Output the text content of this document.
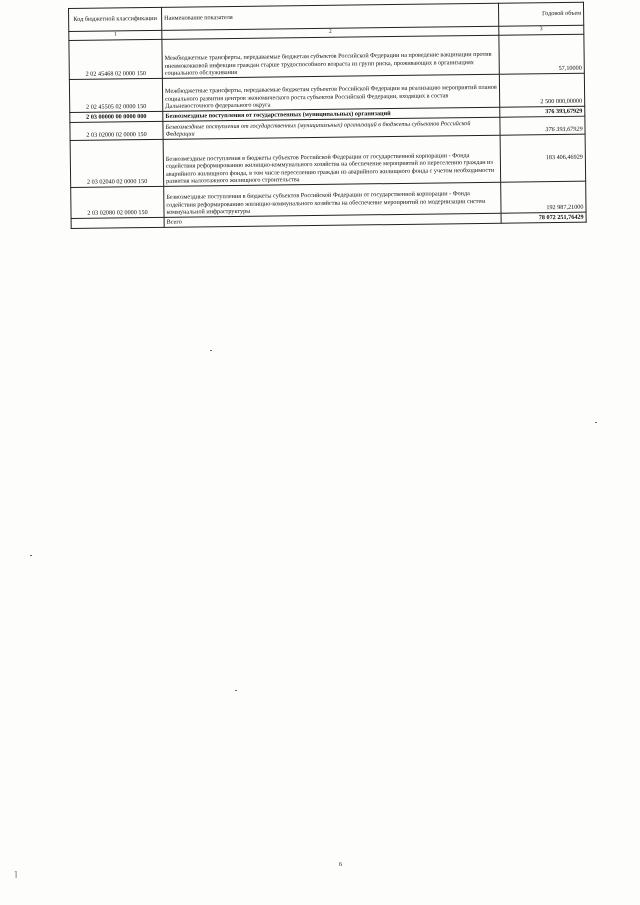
Код бюджетной классификации	Наименование показателя	Годовой объем
1	2	3
2 02 45468 02 0000 150	Межбюджетные трансферты, передаваемые бюджетам субъектов Российской Федерации на проведение вакцинации против пневмококковой инфекции граждан старше трудоспособного возраста из групп риска, проживающих в организациях социального обслуживания	57,10000
2 02 45505 02 0000 150	Межбюджетные трансферты, передаваемые бюджетам субъектов Российской Федерации на реализацию мероприятий планов социального развития центров экономического роста субъектов Российской Федерации, входящих в состав Дальневосточного федерального округа	2 500 000,00000
2 03 00000 00 0000 000	Безвозмездные поступления от государственных (муниципальных) организаций	376 393,67929
2 03 02000 02 0000 150	Безвозмездные поступления от государственных (муниципальных) организаций в бюджеты субъектов Российской Федерации	376 393,67929
2 03 02040 02 0000 150	Безвозмездные поступления в бюджеты субъектов Российской Федерации от государственной корпорации - Фонда содействия реформированию жилищно-коммунального хозяйства на обеспечение мероприятий по переселению граждан из аварийного жилищного фонда, в том числе переселению граждан из аварийного жилищного фонда с учетом необходимости развития малоэтажного жилищного строительства	183 406,46929
2 03 02080 02 0000 150	Безвозмездные поступления в бюджеты субъектов Российской Федерации от государственной корпорации - Фонда содействия реформированию жилищно-коммунального хозяйства на обеспечение мероприятий по модернизации систем коммунальной инфраструктуры	192 987,21000
	Всего	78 072 251,76429
6
⌉
